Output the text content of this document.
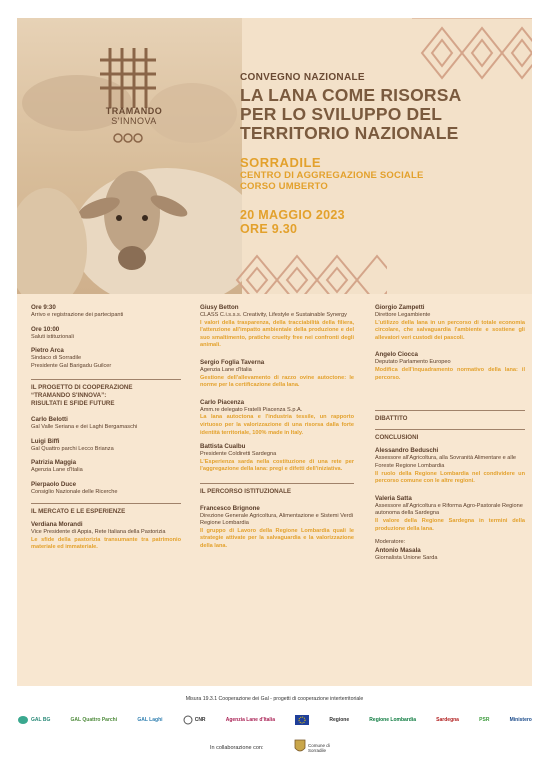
TRAMANDO
S'INNOVA
CONVEGNO NAZIONALE
LA LANA COME RISORSA
PER LO SVILUPPO DEL
TERRITORIO NAZIONALE
SORRADILE
CENTRO DI AGGREGAZIONE SOCIALE
CORSO UMBERTO
20 MAGGIO 2023
ORE 9.30
Ore 9:30
Arrivo e registrazione dei partecipanti
Ore 10:00
Saluti istituzionali
Pietro Arca
Sindaco di Sorradile
Presidente Gal Barigadu Guilcer
IL PROGETTO DI COOPERAZIONE
“TRAMANDO S'INNOVA”:
RISULTATI E SFIDE FUTURE
Carlo Belotti
Gal Valle Seriana e dei Laghi Bergamaschi
Luigi Biffi
Gal Quattro parchi Lecco Brianza
Patrizia Maggia
Agenzia Lane d'Italia
Pierpaolo Duce
Consiglio Nazionale delle Ricerche
IL MERCATO E LE ESPERIENZE
Verdiana Morandi
Vice Presidente di Appia, Rete Italiana della Pastorizia
Le sfide della pastorizia transumante tra patrimonio materiale ed immateriale.
Giusy Betton
CLASS C.i.s.s.s. Creativity, Lifestyle e Sustainable Synergy
I valori della trasparenza, della tracciabilità della filiera, l'attenzione all'impatto ambientale della produzione e del suo smaltimento, pratiche cruelty free nei confronti degli animali.
Sergio Foglia Taverna
Agenzia Lane d'Italia
Gestione dell'allevamento di razzo ovine autoctone: le norme per la certificazione della lana.
Carlo Piacenza
Amm.re delegato Fratelli Piacenza S.p.A.
La lana autoctona e l'industria tessile, un rapporto virtuoso per la valorizzazione di una risorsa dalla forte identità territoriale, 100% made in Italy.
Battista Cualbu
Presidente Coldiretti Sardegna
L'Esperienza sarda nella costituzione di una rete per l'aggregazione della lana: pregi e difetti dell'iniziativa.
IL PERCORSO ISTITUZIONALE
Francesco Brignone
Direzione Generale Agricoltura, Alimentazione e Sistemi Verdi Regione Lombardia
Il gruppo di Lavoro della Regione Lombardia quali le strategie attivate per la salvaguardia e la valorizzazione della lana.
Giorgio Zampetti
Direttore Legambiente
L'utilizzo della lana in un percorso di totale economia circolare, che salvaguardia l'ambiente e sostiene gli allevatori veri custodi dei pascoli.
Angelo Ciocca
Deputato Parlamento Europeo
Modifica dell'inquadramento normativo della lana: il percorso.
DIBATTITO
CONCLUSIONI
Alessandro Beduschi
Assessore all'Agricoltura, alla Sovranità Alimentare e alle Foreste Regione Lombardia
Il ruolo della Regione Lombardia nel condividere un percorso comune con le altre regioni.
Valeria Satta
Assessore all'Agricoltura e Riforma Agro-Pastorale Regione autonoma della Sardegna
Il valore della Regione Sardegna in termini della produzione della lana.
Moderatore:
Antonio Masala
Giornalista Unione Sarda
Misura 19.3.1 Cooperazione dei Gal - progetti di cooperazione interterritoriale
GAL BG	GAL Quattro Parchi	GAL Laghi	CNR	Agenzia Lane d'Italia	Regione	Regione Lombardia	Sardegna	PSR	Ministero
In collaborazione con:	Comune di
Sorradile
